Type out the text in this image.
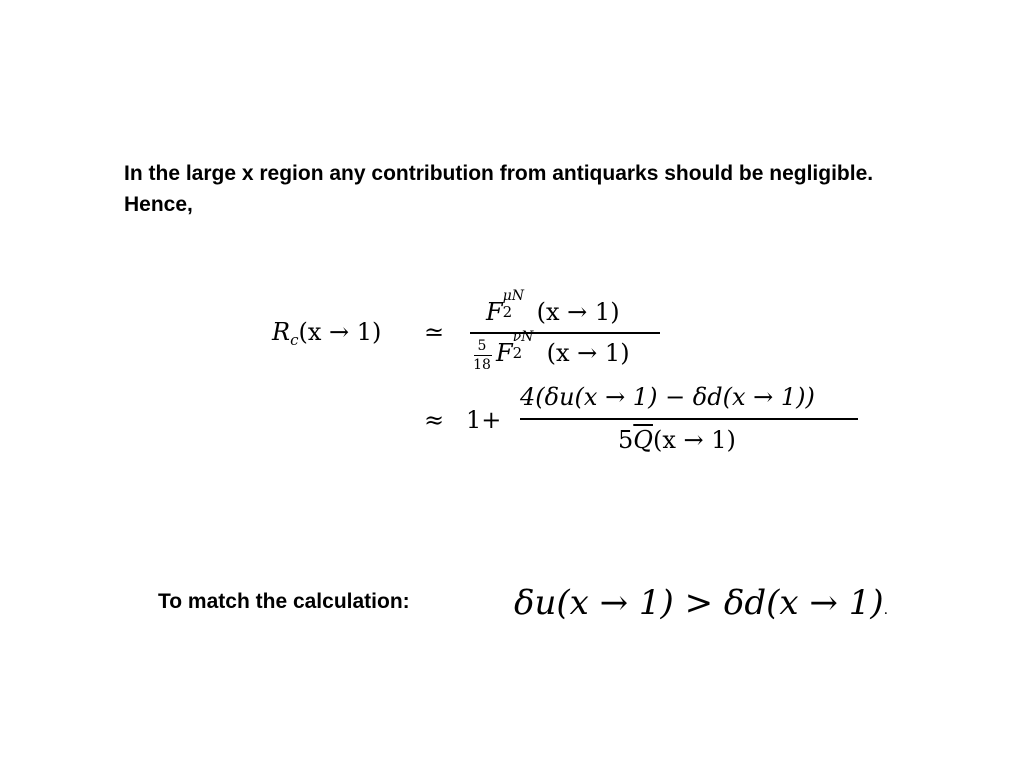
In the large x region any contribution from antiquarks should be negligible. Hence,

$R_c(x \to 1)$ ≃
F
μN
2 (x → 1)
5
18 F
νN
2 (x → 1)
≈ 1+
4(δu(x → 1) − δd(x → 1))
$5\overline{Q}(x \to 1)$
To match the calculation:	δu(x → 1) > δd(x → 1).
